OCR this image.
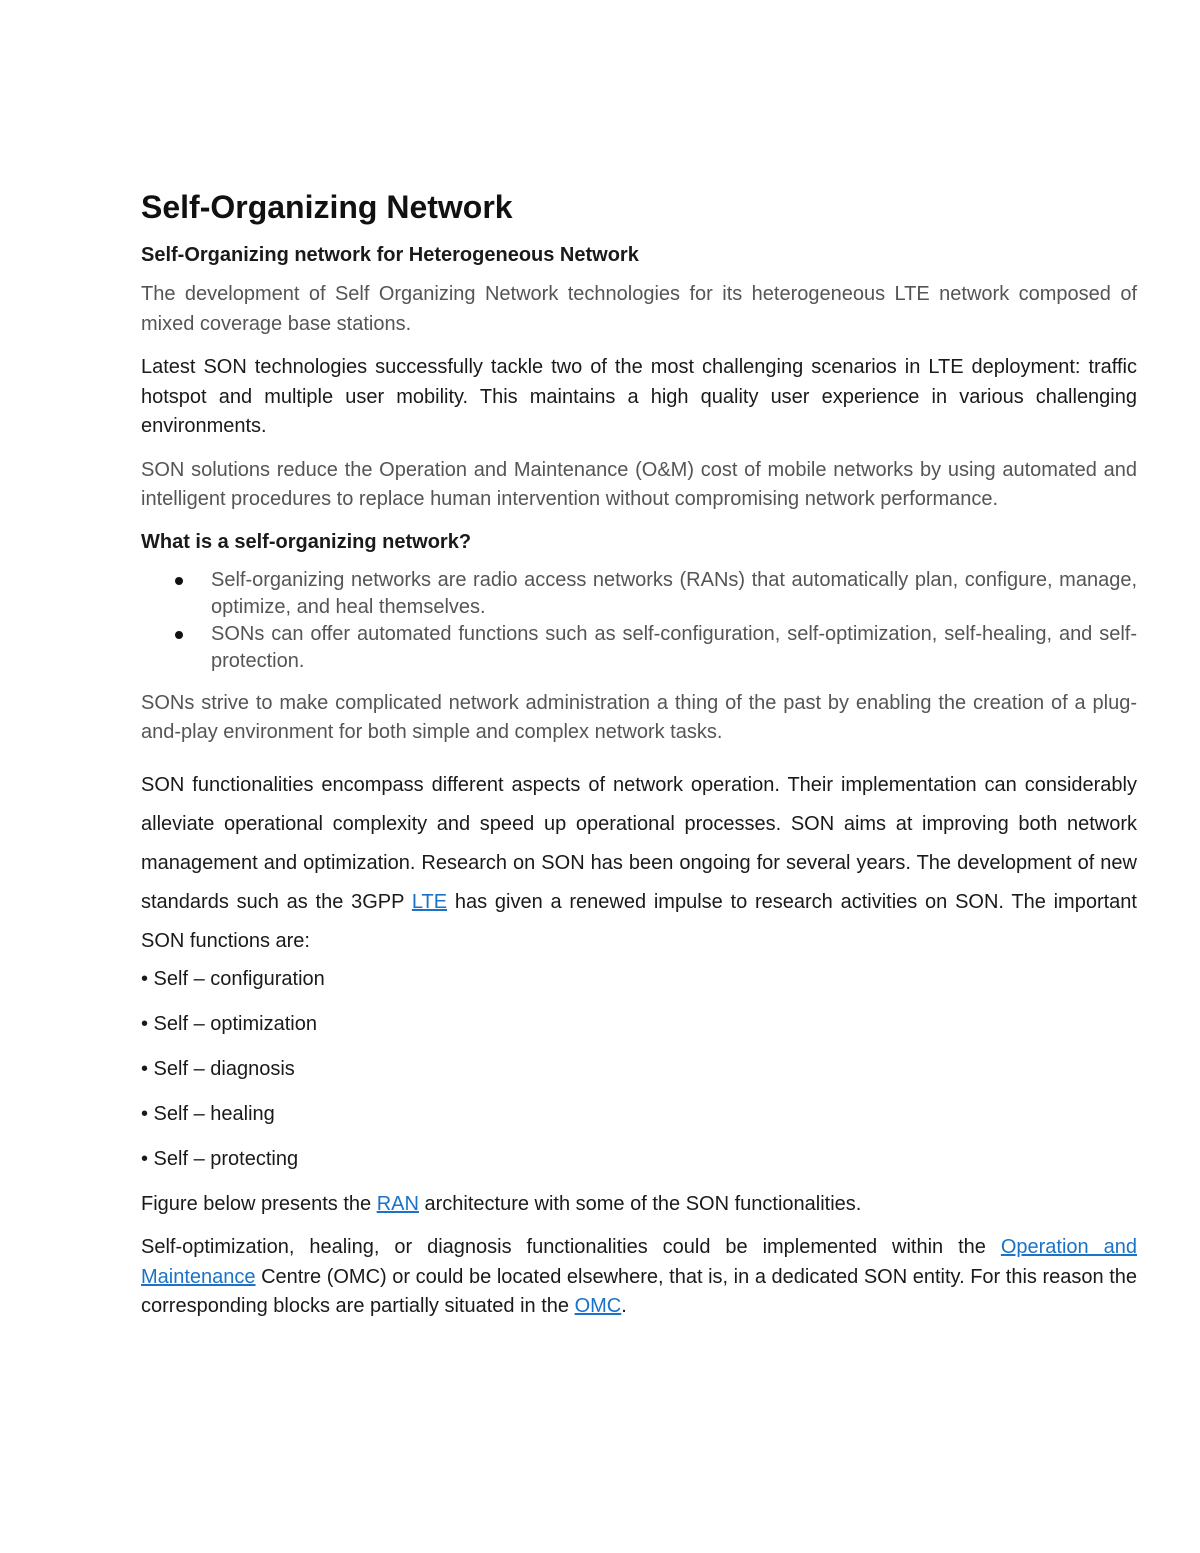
Self-Organizing Network
Self-Organizing network for Heterogeneous Network

The development of Self Organizing Network technologies for its heterogeneous LTE network composed of mixed coverage base stations.

Latest SON technologies successfully tackle two of the most challenging scenarios in LTE deployment: traffic hotspot and multiple user mobility. This maintains a high quality user experience in various challenging environments.

SON solutions reduce the Operation and Maintenance (O&M) cost of mobile networks by using automated and intelligent procedures to replace human intervention without compromising network performance.

What is a self-organizing network?
Self-organizing networks are radio access networks (RANs) that automatically plan, configure, manage, optimize, and heal themselves.
SONs can offer automated functions such as self-configuration, self-optimization, self-healing, and self-protection.

SONs strive to make complicated network administration a thing of the past by enabling the creation of a plug-and-play environment for both simple and complex network tasks.

SON functionalities encompass different aspects of network operation. Their implementation can considerably alleviate operational complexity and speed up operational processes. SON aims at improving both network management and optimization. Research on SON has been ongoing for several years. The development of new standards such as the 3GPP LTE has given a renewed impulse to research activities on SON. The important SON functions are:

• Self – configuration

• Self – optimization

• Self – diagnosis

• Self – healing

• Self – protecting

Figure below presents the RAN architecture with some of the SON functionalities.

Self-optimization, healing, or diagnosis functionalities could be implemented within the Operation and Maintenance Centre (OMC) or could be located elsewhere, that is, in a dedicated SON entity. For this reason the corresponding blocks are partially situated in the OMC.
